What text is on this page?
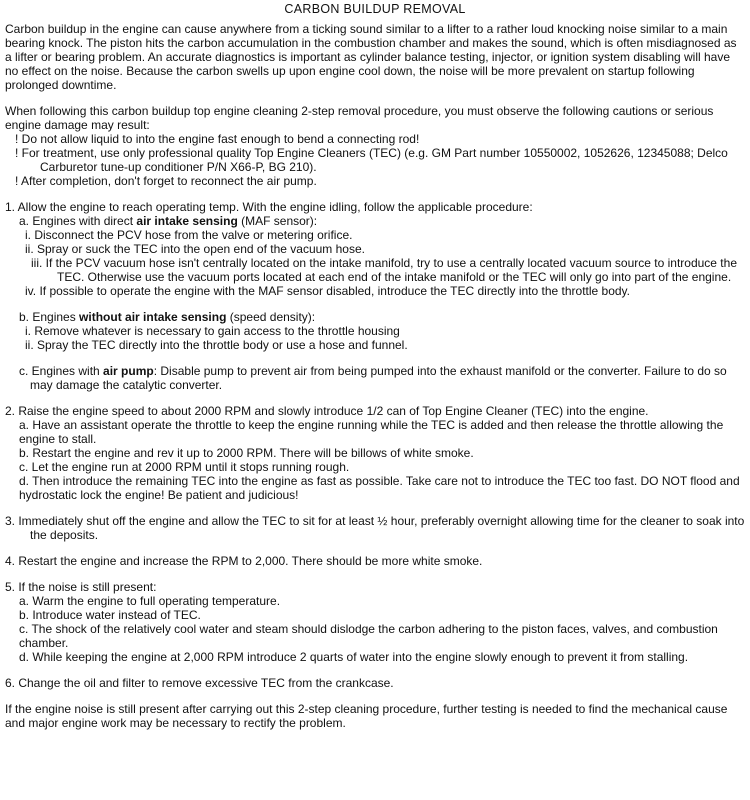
CARBON BUILDUP REMOVAL

Carbon buildup in the engine can cause anywhere from a ticking sound similar to a lifter to a rather loud knocking noise similar to a main bearing knock. The piston hits the carbon accumulation in the combustion chamber and makes the sound, which is often misdiagnosed as a lifter or bearing problem. An accurate diagnostics is important as cylinder balance testing, injector, or ignition system disabling will have no effect on the noise. Because the carbon swells up upon engine cool down, the noise will be more prevalent on startup following prolonged downtime.

When following this carbon buildup top engine cleaning 2-step removal procedure, you must observe the following cautions or serious engine damage may result:

! Do not allow liquid to into the engine fast enough to bend a connecting rod!

! For treatment, use only professional quality Top Engine Cleaners (TEC) (e.g. GM Part number 10550002, 1052626, 12345088; Delco Carburetor tune-up conditioner P/N X66-P, BG 210).

! After completion, don't forget to reconnect the air pump.

1. Allow the engine to reach operating temp. With the engine idling, follow the applicable procedure:

a. Engines with direct air intake sensing (MAF sensor):

i. Disconnect the PCV hose from the valve or metering orifice.

ii. Spray or suck the TEC into the open end of the vacuum hose.

iii. If the PCV vacuum hose isn't centrally located on the intake manifold, try to use a centrally located vacuum source to introduce the TEC. Otherwise use the vacuum ports located at each end of the intake manifold or the TEC will only go into part of the engine.

iv. If possible to operate the engine with the MAF sensor disabled, introduce the TEC directly into the throttle body.

b. Engines without air intake sensing (speed density):

i. Remove whatever is necessary to gain access to the throttle housing

ii. Spray the TEC directly into the throttle body or use a hose and funnel.

c. Engines with air pump: Disable pump to prevent air from being pumped into the exhaust manifold or the converter. Failure to do so may damage the catalytic converter.

2. Raise the engine speed to about 2000 RPM and slowly introduce 1/2 can of Top Engine Cleaner (TEC) into the engine.

a. Have an assistant operate the throttle to keep the engine running while the TEC is added and then release the throttle allowing the engine to stall.

b. Restart the engine and rev it up to 2000 RPM. There will be billows of white smoke.

c. Let the engine run at 2000 RPM until it stops running rough.

d. Then introduce the remaining TEC into the engine as fast as possible. Take care not to introduce the TEC too fast. DO NOT flood and hydrostatic lock the engine! Be patient and judicious!

3. Immediately shut off the engine and allow the TEC to sit for at least ½ hour, preferably overnight allowing time for the cleaner to soak into the deposits.

4. Restart the engine and increase the RPM to 2,000. There should be more white smoke.

5. If the noise is still present:

a. Warm the engine to full operating temperature.

b. Introduce water instead of TEC.

c. The shock of the relatively cool water and steam should dislodge the carbon adhering to the piston faces, valves, and combustion chamber.

d. While keeping the engine at 2,000 RPM introduce 2 quarts of water into the engine slowly enough to prevent it from stalling.

6. Change the oil and filter to remove excessive TEC from the crankcase.

If the engine noise is still present after carrying out this 2-step cleaning procedure, further testing is needed to find the mechanical cause and major engine work may be necessary to rectify the problem.
